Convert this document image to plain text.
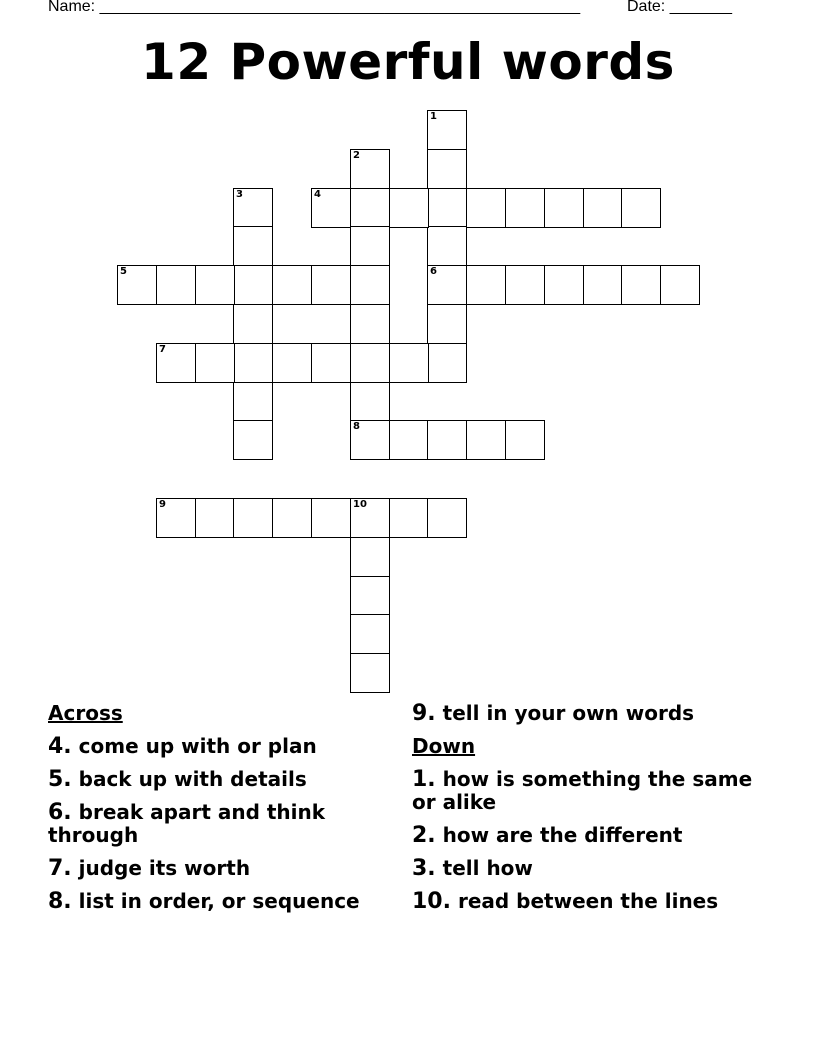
Name: ______________________________________________________	Date: _______
12 Powerful words
1
6
2
8
3	4
5
7
9	10
Across
4. come up with or plan
5. back up with details
6. break apart and think through
7. judge its worth
8. list in order, or sequence
9. tell in your own words
Down
1. how is something the same or alike
2. how are the different
3. tell how
10. read between the lines
